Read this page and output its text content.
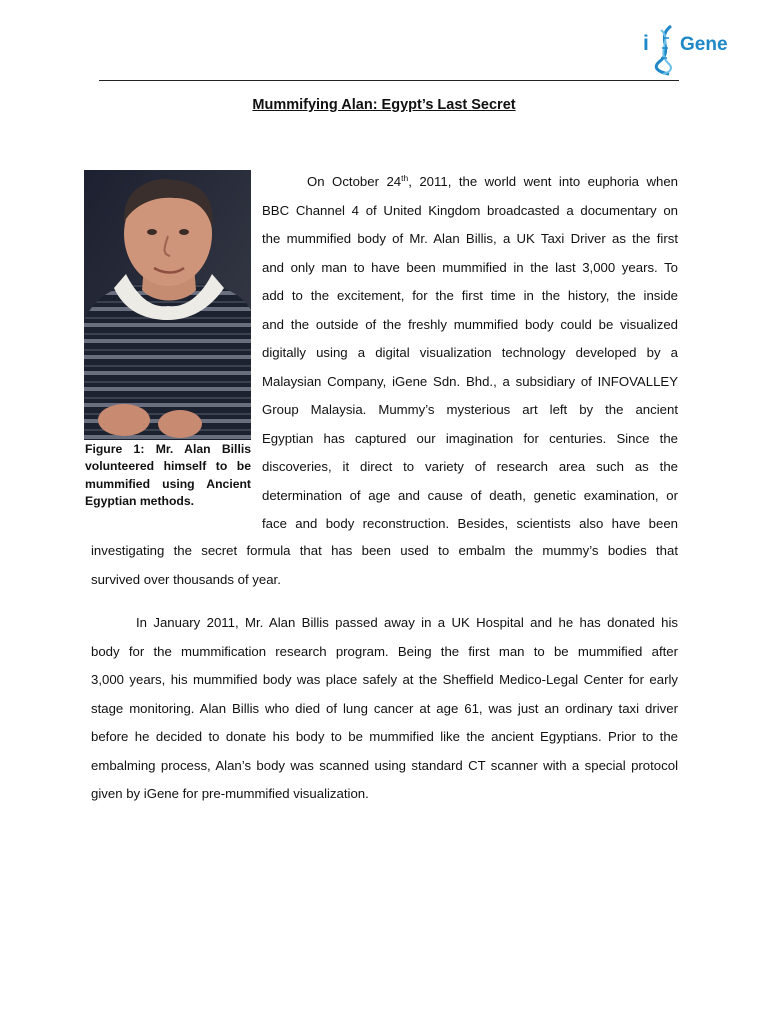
i Gene
Mummifying Alan: Egypt’s Last Secret
Figure 1: Mr. Alan Billis volunteered himself to be mummified using Ancient Egyptian methods.
On October 24th, 2011, the world went into euphoria when
BBC Channel 4 of United Kingdom broadcasted a documentary on
the mummified body of Mr. Alan Billis, a UK Taxi Driver as the first
and only man to have been mummified in the last 3,000 years. To
add to the excitement, for the first time in the history, the inside
and the outside of the freshly mummified body could be visualized
digitally using a digital visualization technology developed by a
Malaysian Company, iGene Sdn. Bhd., a subsidiary of INFOVALLEY
Group Malaysia. Mummy’s mysterious art left by the ancient
Egyptian has captured our imagination for centuries. Since the
discoveries, it direct to variety of research area such as the
determination of age and cause of death, genetic examination, or
face and body reconstruction. Besides, scientists also have been
investigating the secret formula that has been used to embalm the mummy’s bodies that
survived over thousands of year.
In January 2011, Mr. Alan Billis passed away in a UK Hospital and he has donated his
body for the mummification research program. Being the first man to be mummified after
3,000 years, his mummified body was place safely at the Sheffield Medico-Legal Center for early
stage monitoring. Alan Billis who died of lung cancer at age 61, was just an ordinary taxi driver
before he decided to donate his body to be mummified like the ancient Egyptians. Prior to the
embalming process, Alan’s body was scanned using standard CT scanner with a special protocol
given by iGene for pre-mummified visualization.
